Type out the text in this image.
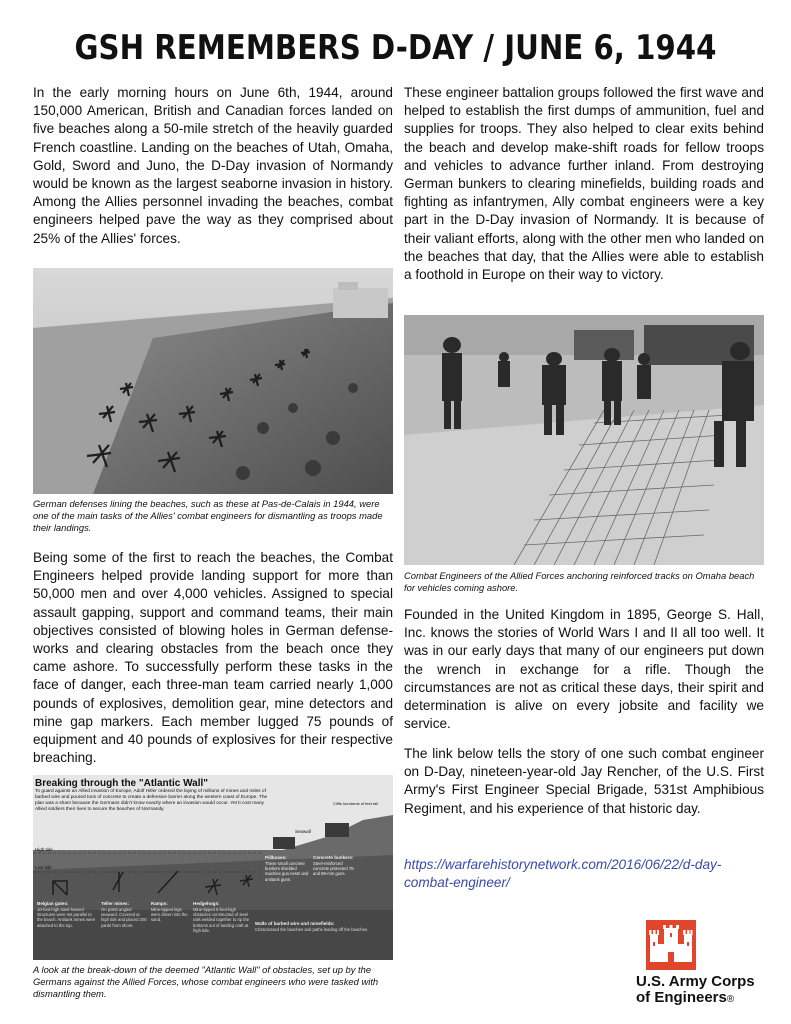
GSH REMEMBERS D-DAY / JUNE 6, 1944

In the early morning hours on June 6th, 1944, around 150,000 American, British and Canadian forces landed on five beaches along a 50-mile stretch of the heavily guarded French coastline. Landing on the beaches of Utah, Omaha, Gold, Sword and Juno, the D-Day invasion of Normandy would be known as the largest seaborne invasion in history. Among the Allies personnel invading the beaches, combat engineers helped pave the way as they comprised about 25% of the Allies' forces.

These engineer battalion groups followed the first wave and helped to establish the first dumps of ammunition, fuel and supplies for troops. They also helped to clear exits behind the beach and develop make-shift roads for fellow troops and vehicles to advance further inland. From destroying German bunkers to clearing minefields, building roads and fighting as infantrymen, Ally combat engineers were a key part in the D-Day invasion of Normandy. It is because of their valiant efforts, along with the other men who landed on the beaches that day, that the Allies were able to establish a foothold in Europe on their way to victory.

German defenses lining the beaches, such as these at Pas-de-Calais in 1944, were one of the main tasks of the Allies' combat engineers for dismantling as troops made their landings.

Combat Engineers of the Allied Forces anchoring reinforced tracks on Omaha beach for vehicles coming ashore.

Being some of the first to reach the beaches, the Combat Engineers helped provide landing support for more than 50,000 men and over 4,000 vehicles. Assigned to special assault gapping, support and command teams, their main objectives consisted of blowing holes in German defense-works and clearing obstacles from the beach once they came ashore. To successfully perform these tasks in the face of danger, each three-man team carried nearly 1,000 pounds of explosives, demolition gear, mine detectors and mine gap markers. Each member lugged 75 pounds of equipment and 40 pounds of explosives for their respective breaching.

Founded in the United Kingdom in 1895, George S. Hall, Inc. knows the stories of World Wars I and II all too well. It was in our early days that many of our engineers put down the wrench in exchange for a rifle. Though the circumstances are not as critical these days, their spirit and determination is alive on every jobsite and facility we service.

The link below tells the story of one such combat engineer on D-Day, nineteen-year-old Jay Rencher, of the U.S. First Army's First Engineer Special Brigade, 531st Amphibious Regiment, and his experience of that historic day.

https://warfarehistorynetwork.com/2016/06/22/d-day-combat-engineer/
Breaking through the "Atlantic Wall"
High tide
Low tide
Seawall
Cliffs hundreds of feet tall
Belgian gates:	Teller mines:	Ramps:	Hedgehogs:
Pillboxes:	Concrete bunkers:
Walls of barbed wire and minefields:
To guard against an Allied invasion of Europe, Adolf Hitler ordered the laying of millions of mines and miles of barbed wire and poured tons of concrete to create a defensive barrier along the western coast of Europe. The plan was a sham because the Germans didn't know exactly where an invasion would occur. Yet it cost many Allied soldiers their lives to secure the beaches of Normandy.
10-foot-high steel-framed structures were set parallel to the beach. Antitank mines were attached to the top.
On posts angled seaward. Covered at high tide and placed 200 yards from shore.
Mine-tipped logs were driven into the sand.
Mine-tipped 6-foot-high obstacles constructed of steel rails welded together to rip the bottoms out of landing craft at high tide.
These small concrete bunkers shielded machine gun nests and antitank guns.
Steel-reinforced concrete protected 75- and 88-mm guns.
Crisscrossed the beaches and paths leading off the beaches.

A look at the break-down of the deemed "Atlantic Wall" of obstacles, set up by the Germans against the Allied Forces, whose combat engineers who were tasked with dismantling them.

U.S. Army Corps
of Engineers®
